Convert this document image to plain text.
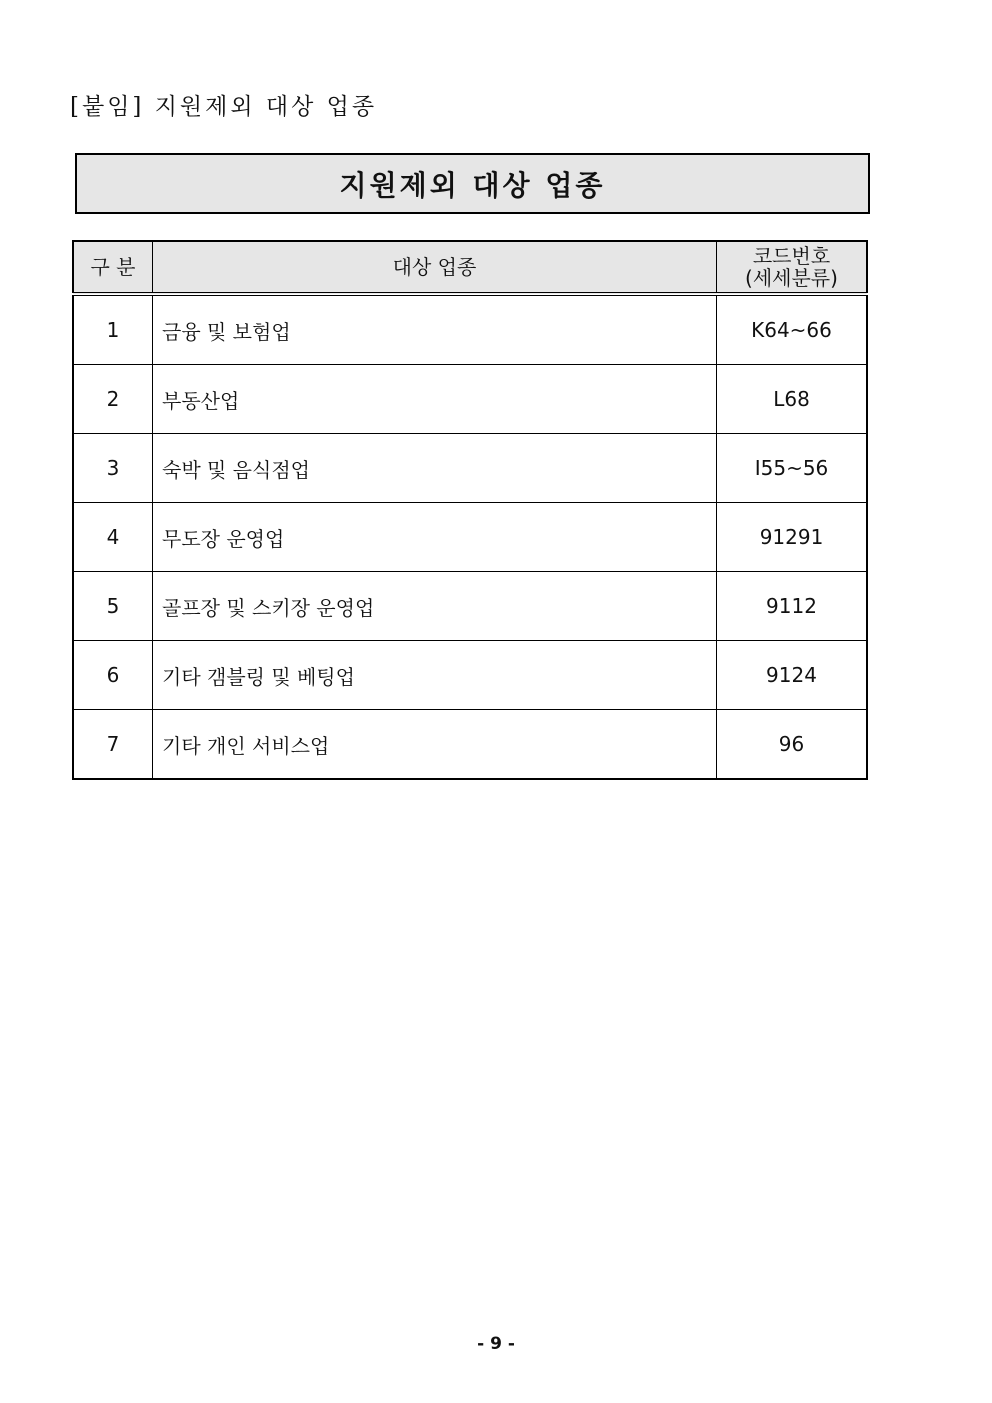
[붙임] 지원제외 대상 업종
지원제외 대상 업종
구 분	대상 업종	코드번호
(세세분류)

1	금융 및 보험업	K64~66
2	부동산업	L68
3	숙박 및 음식점업	I55~56
4	무도장 운영업	91291
5	골프장 및 스키장 운영업	9112
6	기타 갬블링 및 베팅업	9124
7	기타 개인 서비스업	96
- 9 -
